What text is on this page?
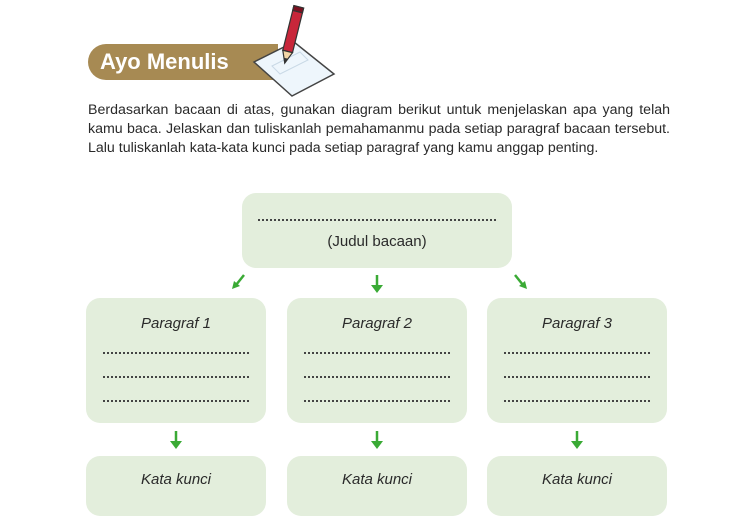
Ayo Menulis

Berdasarkan bacaan di atas, gunakan diagram berikut untuk menjelaskan apa yang telah kamu baca. Jelaskan dan tuliskanlah pemahamanmu pada setiap paragraf bacaan tersebut. Lalu tuliskanlah kata-kata kunci pada setiap paragraf yang kamu anggap penting.

(Judul bacaan)
Paragraf 1	Paragraf 2	Paragraf 3
Kata kunci	Kata kunci	Kata kunci
